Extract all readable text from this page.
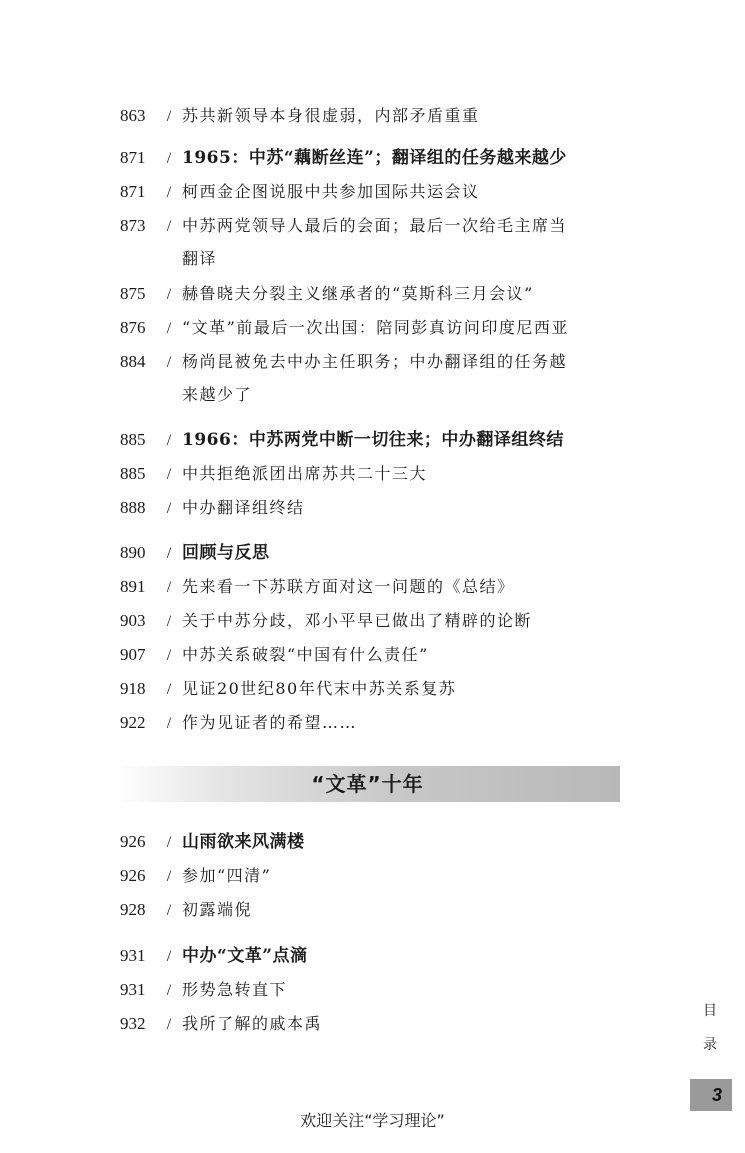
863 / 苏共新领导本身很虚弱，内部矛盾重重
871 / 1965：中苏“藕断丝连”；翻译组的任务越来越少
871 / 柯西金企图说服中共参加国际共运会议
873 / 中苏两党领导人最后的会面；最后一次给毛主席当
翻译
875 / 赫鲁晓夫分裂主义继承者的“莫斯科三月会议”
876 / “文革”前最后一次出国：陪同彭真访问印度尼西亚
884 / 杨尚昆被免去中办主任职务；中办翻译组的任务越
来越少了
885 / 1966：中苏两党中断一切往来；中办翻译组终结
885 / 中共拒绝派团出席苏共二十三大
888 / 中办翻译组终结
890 / 回顾与反思
891 / 先来看一下苏联方面对这一问题的《总结》
903 / 关于中苏分歧，邓小平早已做出了精辟的论断
907 / 中苏关系破裂“中国有什么责任”
918 / 见证20世纪80年代末中苏关系复苏
922 / 作为见证者的希望……
“文革”十年
926 / 山雨欲来风满楼
926 / 参加“四清”
928 / 初露端倪
931 / 中办“文革”点滴
931 / 形势急转直下
932 / 我所了解的戚本禹
目
录
3
欢迎关注“学习理论”
